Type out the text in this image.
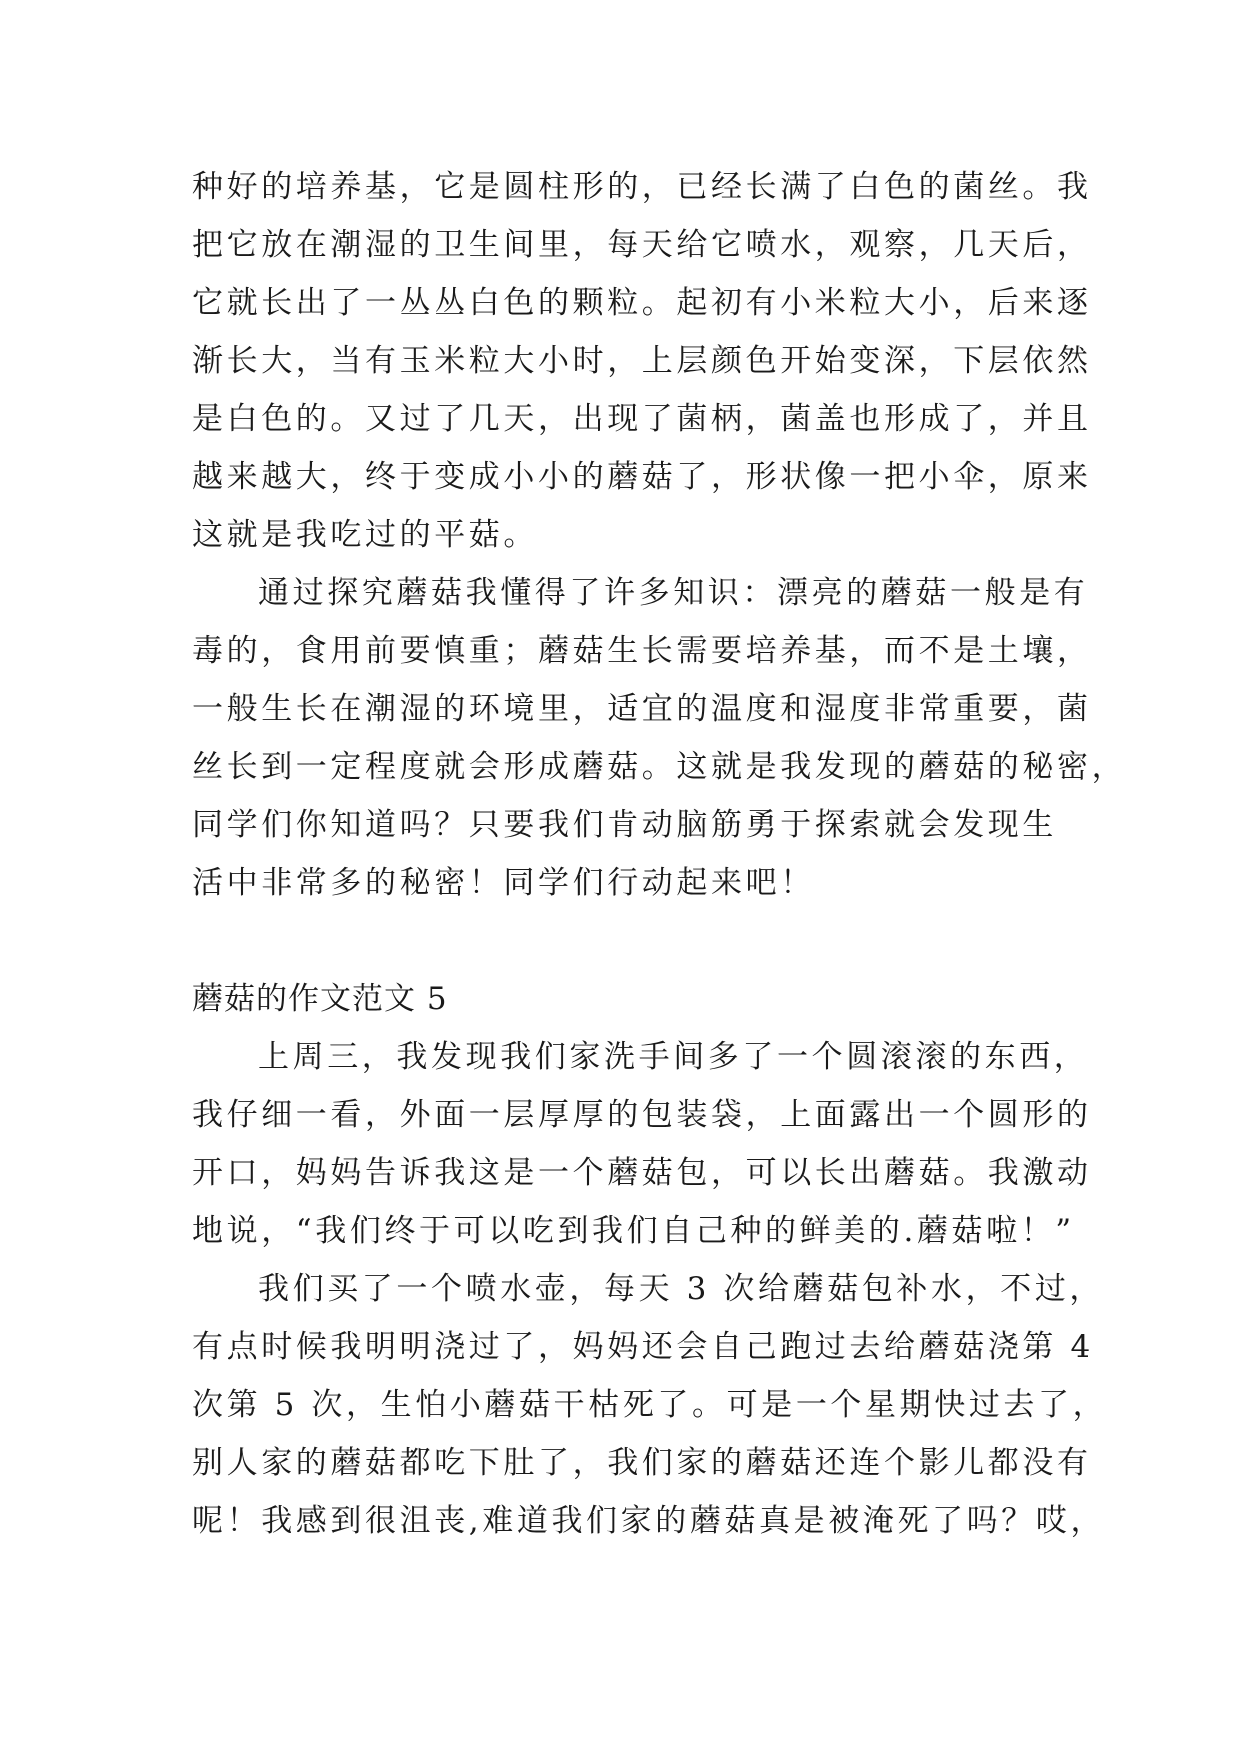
种好的培养基，它是圆柱形的，已经长满了白色的菌丝。我
把它放在潮湿的卫生间里，每天给它喷水，观察，几天后，
它就长出了一丛丛白色的颗粒。起初有小米粒大小，后来逐
渐长大，当有玉米粒大小时，上层颜色开始变深，下层依然
是白色的。又过了几天，出现了菌柄，菌盖也形成了，并且
越来越大，终于变成小小的蘑菇了，形状像一把小伞，原来
这就是我吃过的平菇。
通过探究蘑菇我懂得了许多知识：漂亮的蘑菇一般是有
毒的，食用前要慎重；蘑菇生长需要培养基，而不是土壤，
一般生长在潮湿的环境里，适宜的温度和湿度非常重要，菌
丝长到一定程度就会形成蘑菇。这就是我发现的蘑菇的秘密，
同学们你知道吗？只要我们肯动脑筋勇于探索就会发现生
活中非常多的秘密！同学们行动起来吧！
蘑菇的作文范文 5
上周三，我发现我们家洗手间多了一个圆滚滚的东西，
我仔细一看，外面一层厚厚的包装袋，上面露出一个圆形的
开口，妈妈告诉我这是一个蘑菇包，可以长出蘑菇。我激动
地说，“我们终于可以吃到我们自己种的鲜美的.蘑菇啦！”
我们买了一个喷水壶，每天 3 次给蘑菇包补水，不过，
有点时候我明明浇过了，妈妈还会自己跑过去给蘑菇浇第 4
次第 5 次，生怕小蘑菇干枯死了。可是一个星期快过去了，
别人家的蘑菇都吃下肚了，我们家的蘑菇还连个影儿都没有
呢！我感到很沮丧,难道我们家的蘑菇真是被淹死了吗？哎，
